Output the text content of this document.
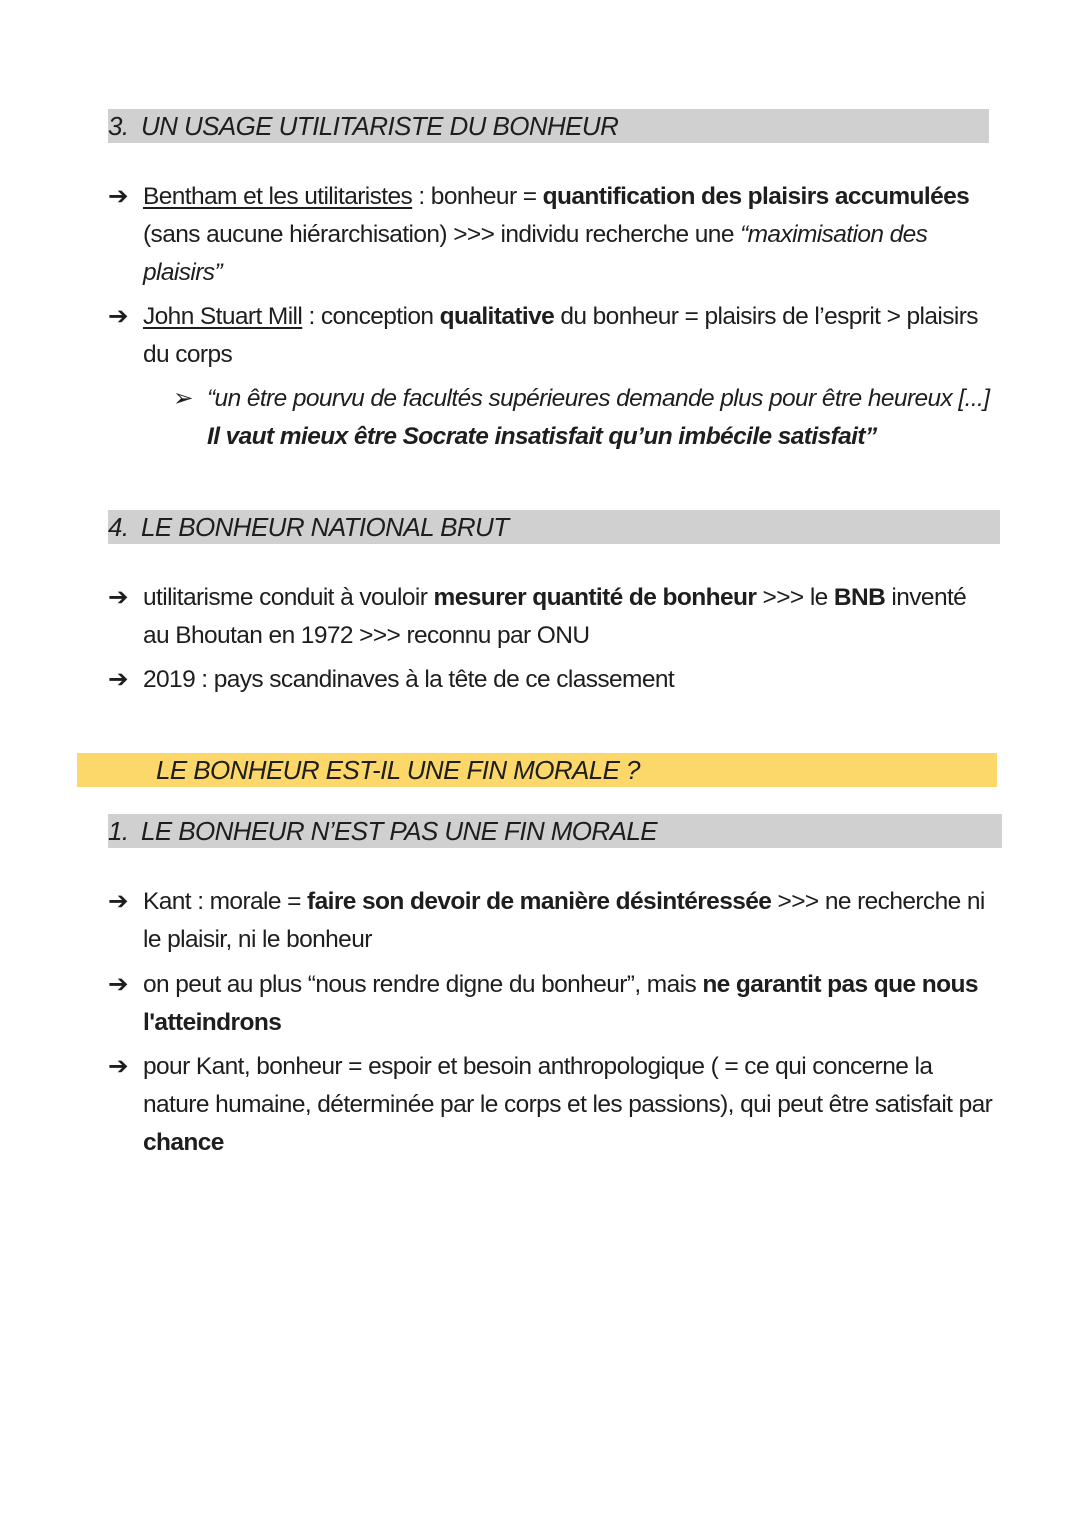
3. UN USAGE UTILITARISTE DU BONHEUR
➔ Bentham et les utilitaristes : bonheur = quantification des plaisirs accumulées (sans aucune hiérarchisation) >>> individu recherche une “maximisation des plaisirs”
➔ John Stuart Mill : conception qualitative du bonheur = plaisirs de l’esprit > plaisirs du corps
➢ “un être pourvu de facultés supérieures demande plus pour être heureux [...]
Il vaut mieux être Socrate insatisfait qu’un imbécile satisfait”
4. LE BONHEUR NATIONAL BRUT
➔ utilitarisme conduit à vouloir mesurer quantité de bonheur >>> le BNB inventé au Bhoutan en 1972 >>> reconnu par ONU
➔ 2019 : pays scandinaves à la tête de ce classement
LE BONHEUR EST-IL UNE FIN MORALE ?
1. LE BONHEUR N’EST PAS UNE FIN MORALE
➔ Kant : morale = faire son devoir de manière désintéressée >>> ne recherche ni le plaisir, ni le bonheur
➔ on peut au plus “nous rendre digne du bonheur”, mais ne garantit pas que nous l'atteindrons
➔ pour Kant, bonheur = espoir et besoin anthropologique ( = ce qui concerne la nature humaine, déterminée par le corps et les passions), qui peut être satisfait par chance
